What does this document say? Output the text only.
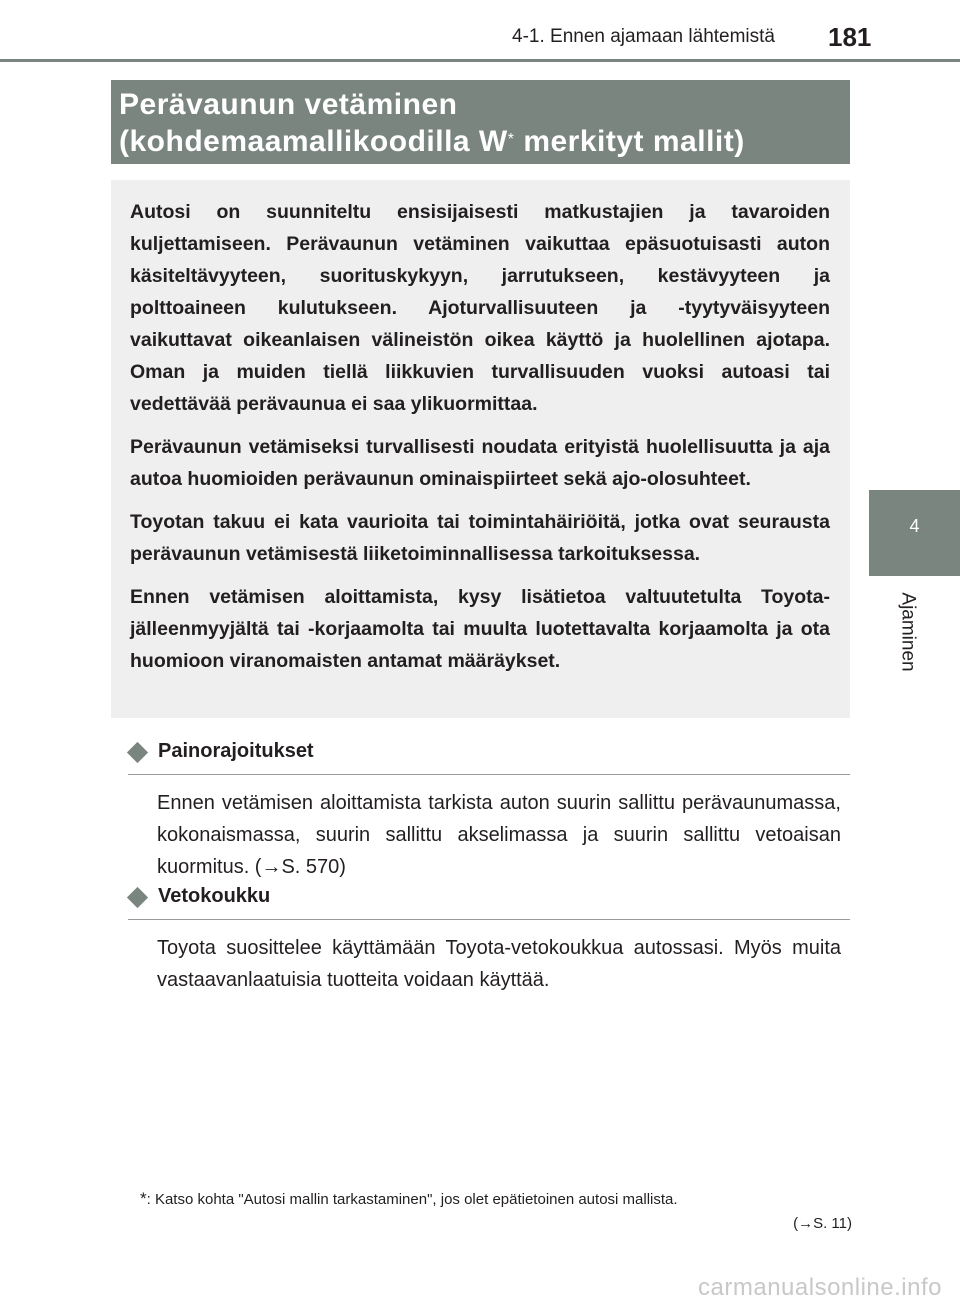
4-1. Ennen ajamaan lähtemistä 181
4
Ajaminen
Perävaunun vetäminen
(kohdemaamallikoodilla W* merkityt mallit)

Autosi on suunniteltu ensisijaisesti matkustajien ja tavaroiden kuljettamiseen. Perävaunun vetäminen vaikuttaa epäsuotuisasti auton käsiteltävyyteen, suorituskykyyn, jarrutukseen, kestävyyteen ja polttoaineen kulutukseen. Ajoturvallisuuteen ja -tyytyväisyyteen vaikuttavat oikeanlaisen välineistön oikea käyttö ja huolellinen ajotapa. Oman ja muiden tiellä liikkuvien turvallisuuden vuoksi autoasi tai vedettävää perävaunua ei saa ylikuormittaa.

Perävaunun vetämiseksi turvallisesti noudata erityistä huolellisuutta ja aja autoa huomioiden perävaunun ominaispiirteet sekä ajo-olosuhteet.

Toyotan takuu ei kata vaurioita tai toimintahäiriöitä, jotka ovat seurausta perävaunun vetämisestä liiketoiminnallisessa tarkoituksessa.

Ennen vetämisen aloittamista, kysy lisätietoa valtuutetulta Toyota-jälleenmyyjältä tai -korjaamolta tai muulta luotettavalta korjaamolta ja ota huomioon viranomaisten antamat määräykset.

Painorajoitukset
Ennen vetämisen aloittamista tarkista auton suurin sallittu perävaunumassa, kokonaismassa, suurin sallittu akselimassa ja suurin sallittu vetoaisan kuormitus. (→S. 570)
Vetokoukku
Toyota suosittelee käyttämään Toyota-vetokoukkua autossasi. Myös muita vastaavanlaatuisia tuotteita voidaan käyttää.
*: Katso kohta "Autosi mallin tarkastaminen", jos olet epätietoinen autosi mallista.
(→S. 11)
carmanualsonline.info
